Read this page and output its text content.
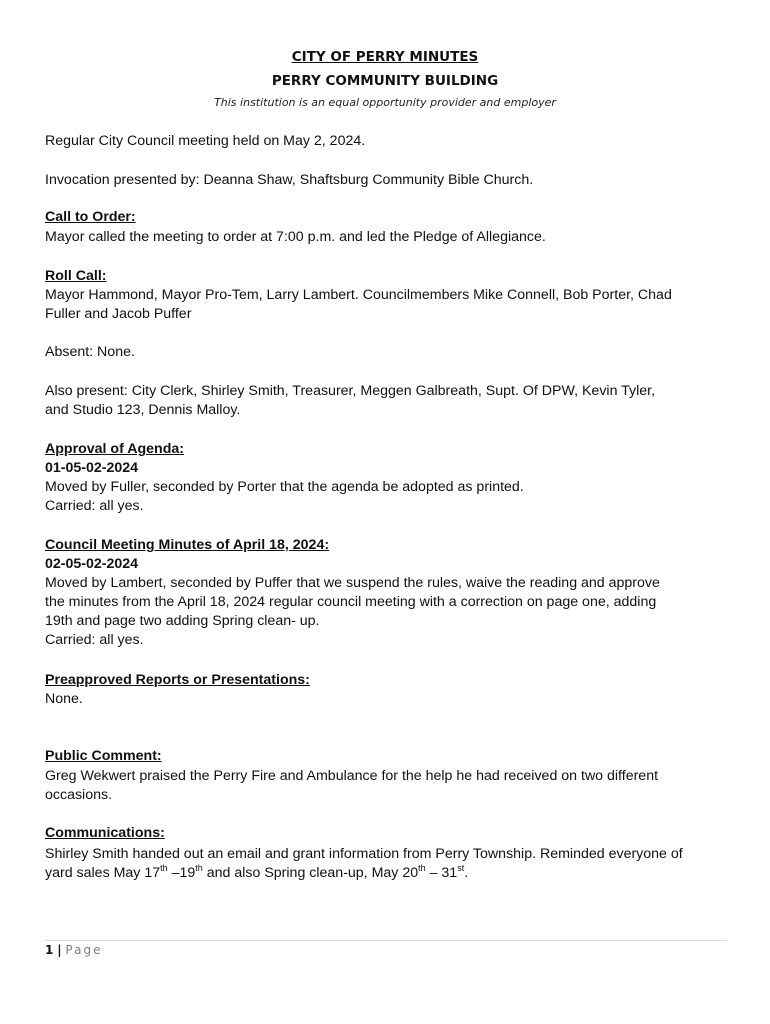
CITY OF PERRY MINUTES
PERRY COMMUNITY BUILDING
This institution is an equal opportunity provider and employer
Regular City Council meeting held on May 2, 2024.
Invocation presented by: Deanna Shaw, Shaftsburg Community Bible Church.
Call to Order:
Mayor called the meeting to order at 7:00 p.m. and led the Pledge of Allegiance.
Roll Call:
Mayor Hammond, Mayor Pro-Tem, Larry Lambert. Councilmembers Mike Connell, Bob Porter, Chad
Fuller and Jacob Puffer
Absent: None.
Also present: City Clerk, Shirley Smith, Treasurer, Meggen Galbreath, Supt. Of DPW, Kevin Tyler,
and Studio 123, Dennis Malloy.
Approval of Agenda:
01-05-02-2024
Moved by Fuller, seconded by Porter that the agenda be adopted as printed.
Carried: all yes.
Council Meeting Minutes of April 18, 2024:
02-05-02-2024
Moved by Lambert, seconded by Puffer that we suspend the rules, waive the reading and approve
the minutes from the April 18, 2024 regular council meeting with a correction on page one, adding
19th and page two adding Spring clean- up.
Carried: all yes.
Preapproved Reports or Presentations:
None.
Public Comment:
Greg Wekwert praised the Perry Fire and Ambulance for the help he had received on two different
occasions.
Communications:
Shirley Smith handed out an email and grant information from Perry Township. Reminded everyone of
yard sales May 17th –19th and also Spring clean-up, May 20th – 31st.
1 | Page
